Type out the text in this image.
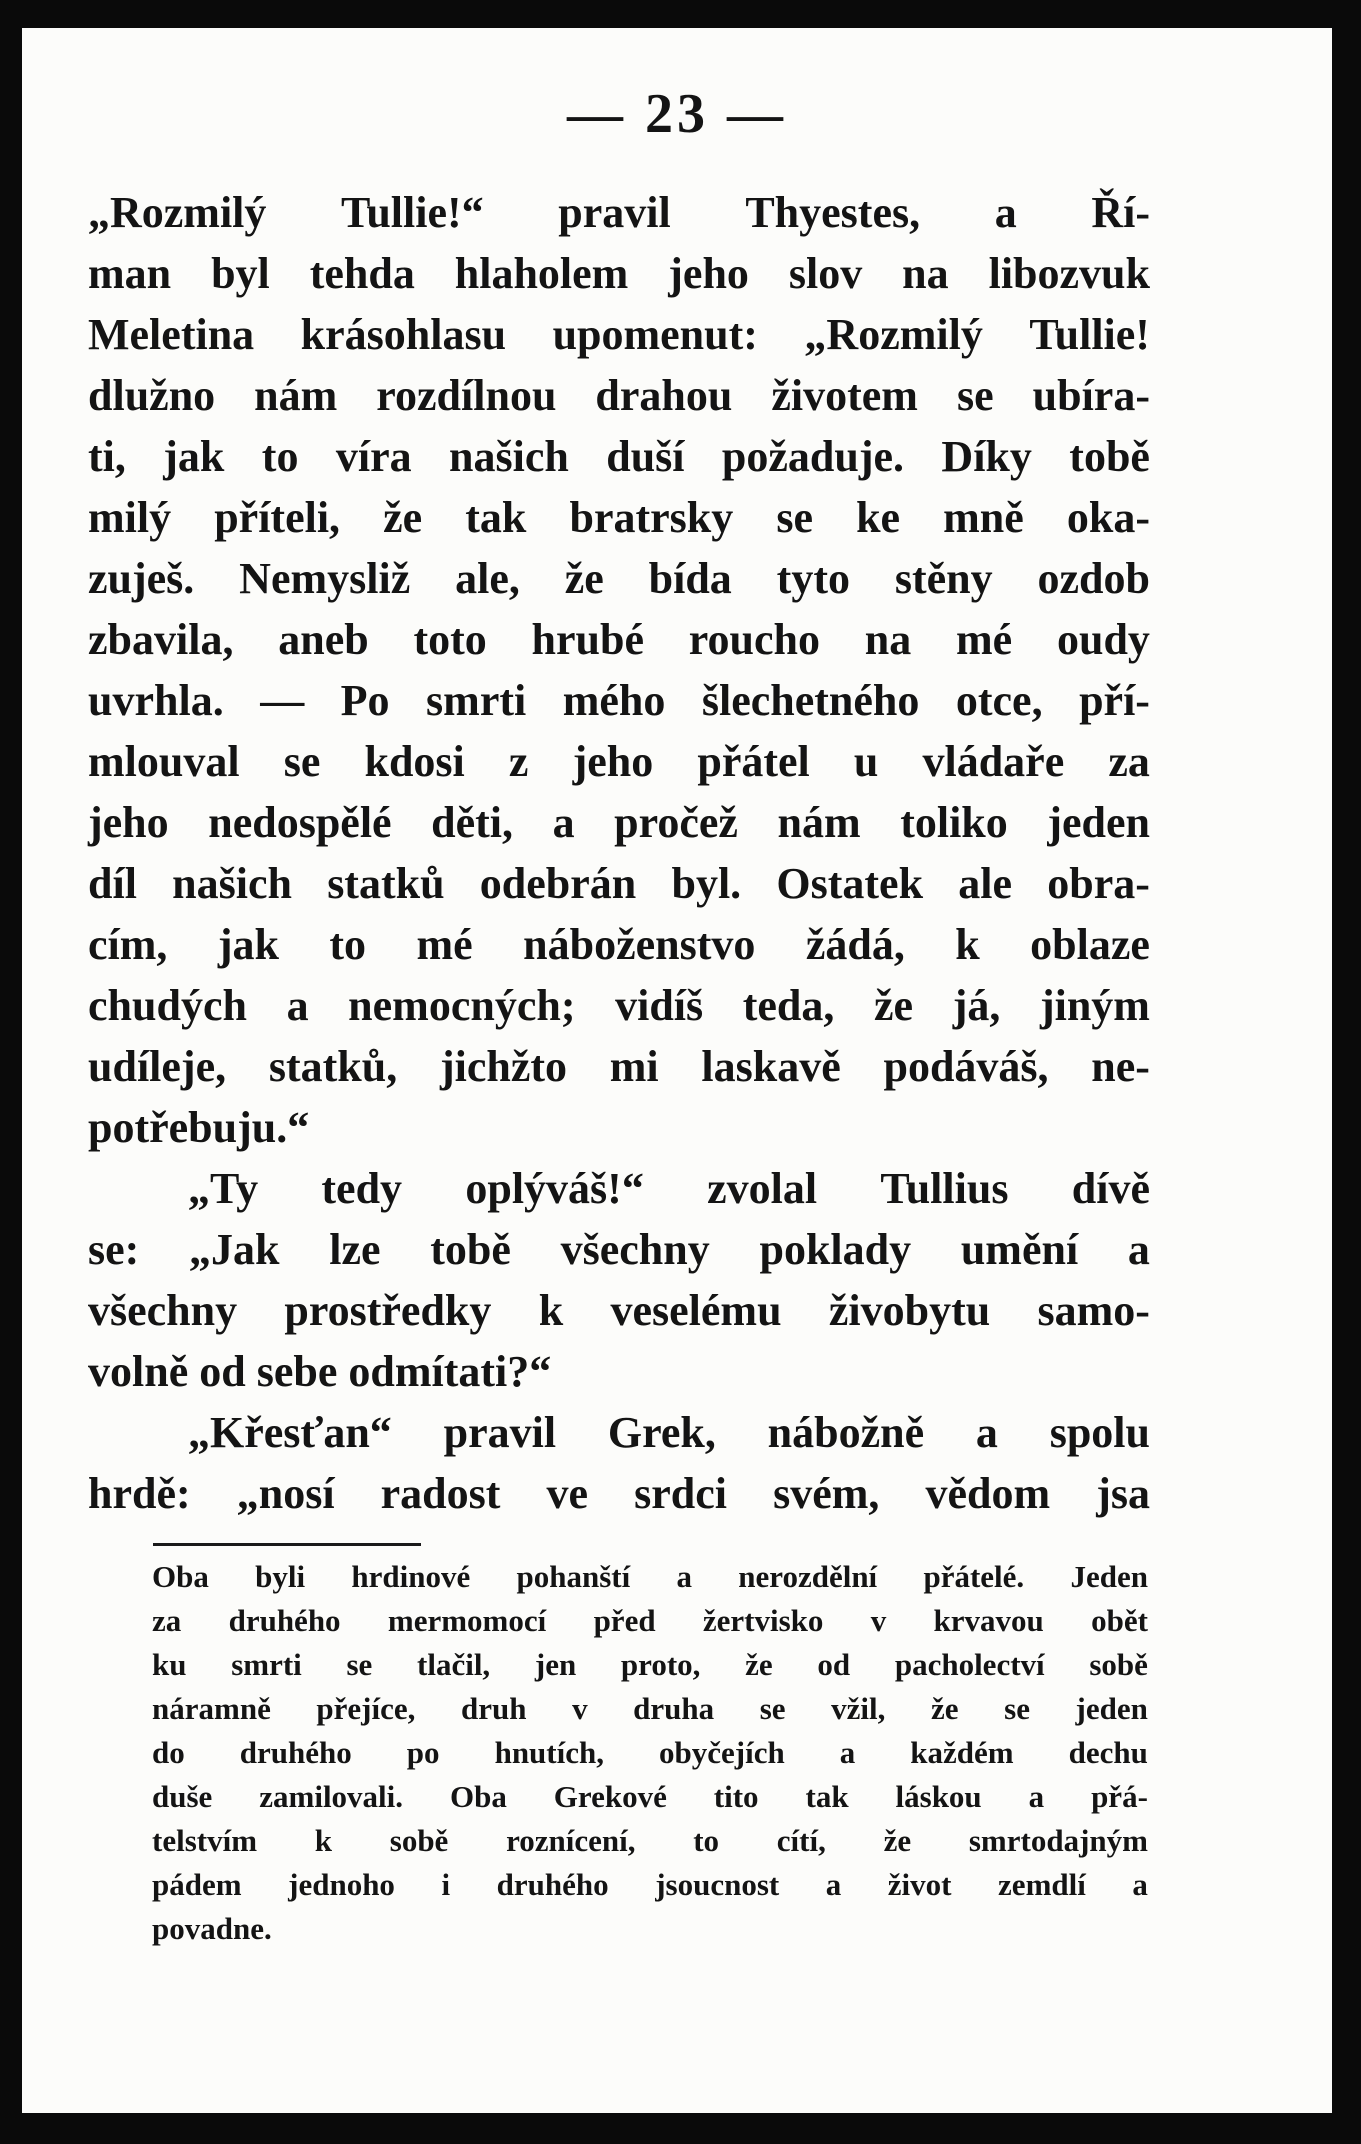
— 23 —
„Rozmilý Tullie!“ pravil Thyestes, a Ří-
man byl tehda hlaholem jeho slov na libozvuk
Meletina krásohlasu upomenut: „Rozmilý Tullie!
dlužno nám rozdílnou drahou životem se ubíra-
ti, jak to víra našich duší požaduje. Díky tobě
milý příteli, že tak bratrsky se ke mně oka-
zuješ. Nemysliž ale, že bída tyto stěny ozdob
zbavila, aneb toto hrubé roucho na mé oudy
uvrhla. — Po smrti mého šlechetného otce, pří-
mlouval se kdosi z jeho přátel u vládaře za
jeho nedospělé děti, a pročež nám toliko jeden
díl našich statků odebrán byl. Ostatek ale obra-
cím, jak to mé náboženstvo žádá, k oblaze
chudých a nemocných; vidíš teda, že já, jiným
udíleje, statků, jichžto mi laskavě podáváš, ne-
potřebuju.“
„Ty tedy oplýváš!“ zvolal Tullius dívě
se: „Jak lze tobě všechny poklady umění a
všechny prostředky k veselému živobytu samo-
volně od sebe odmítati?“
„Křesťan“ pravil Grek, nábožně a spolu
hrdě: „nosí radost ve srdci svém, vědom jsa
Oba byli hrdinové pohanští a nerozdělní přátelé. Jeden
za druhého mermomocí před žertvisko v krvavou obět
ku smrti se tlačil, jen proto, že od pacholectví sobě
náramně přejíce, druh v druha se vžil, že se jeden
do druhého po hnutích, obyčejích a každém dechu
duše zamilovali. Oba Grekové tito tak láskou a přá-
telstvím k sobě roznícení, to cítí, že smrtodajným
pádem jednoho i druhého jsoucnost a život zemdlí a
povadne.
